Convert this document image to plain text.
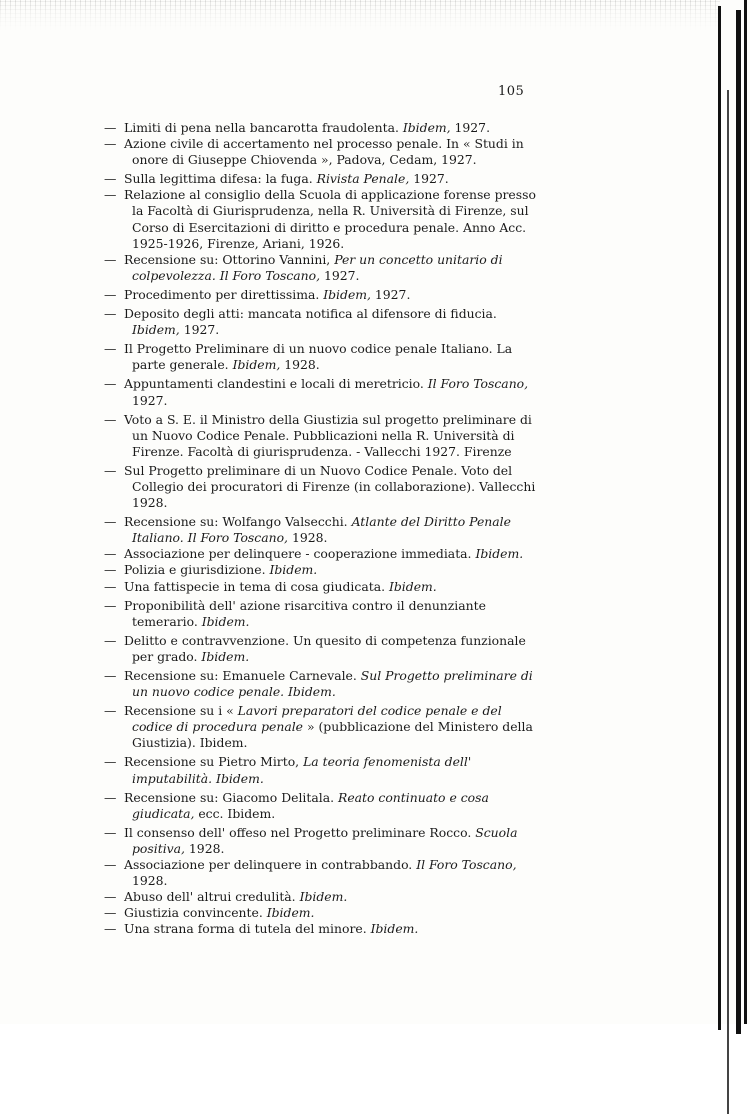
105

— Limiti di pena nella bancarotta fraudolenta. Ibidem, 1927.

— Azione civile di accertamento nel processo penale. In « Studi in onore di Giuseppe Chiovenda », Padova, Cedam, 1927.

— Sulla legittima difesa: la fuga. Rivista Penale, 1927.

— Relazione al consiglio della Scuola di applicazione forense presso la Facoltà di Giurisprudenza, nella R. Università di Firenze, sul Corso di Esercitazioni di diritto e procedura penale. Anno Acc. 1925-1926, Firenze, Ariani, 1926.

— Recensione su: Ottorino Vannini, Per un concetto unitario di colpevolezza. Il Foro Toscano, 1927.

— Procedimento per direttissima. Ibidem, 1927.

— Deposito degli atti: mancata notifica al difensore di fiducia. Ibidem, 1927.

— Il Progetto Preliminare di un nuovo codice penale Italiano. La parte generale. Ibidem, 1928.

— Appuntamenti clandestini e locali di meretricio. Il Foro Toscano, 1927.

— Voto a S. E. il Ministro della Giustizia sul progetto preliminare di un Nuovo Codice Penale. Pubblicazioni nella R. Università di Firenze. Facoltà di giurisprudenza. - Vallecchi 1927. Firenze

— Sul Progetto preliminare di un Nuovo Codice Penale. Voto del Collegio dei procuratori di Firenze (in collaborazione). Vallecchi 1928.

— Recensione su: Wolfango Valsecchi. Atlante del Diritto Penale Italiano. Il Foro Toscano, 1928.

— Associazione per delinquere - cooperazione immediata. Ibidem.

— Polizia e giurisdizione. Ibidem.

— Una fattispecie in tema di cosa giudicata. Ibidem.

— Proponibilità dell' azione risarcitiva contro il denunziante temerario. Ibidem.

— Delitto e contravvenzione. Un quesito di competenza funzionale per grado. Ibidem.

— Recensione su: Emanuele Carnevale. Sul Progetto preliminare di un nuovo codice penale. Ibidem.

— Recensione su i « Lavori preparatori del codice penale e del codice di procedura penale » (pubblicazione del Ministero della Giustizia). Ibidem.

— Recensione su Pietro Mirto, La teoria fenomenista dell' imputabilità. Ibidem.

— Recensione su: Giacomo Delitala. Reato continuato e cosa giudicata, ecc. Ibidem.

— Il consenso dell' offeso nel Progetto preliminare Rocco. Scuola positiva, 1928.

— Associazione per delinquere in contrabbando. Il Foro Toscano, 1928.

— Abuso dell' altrui credulità. Ibidem.

— Giustizia convincente. Ibidem.

— Una strana forma di tutela del minore. Ibidem.
